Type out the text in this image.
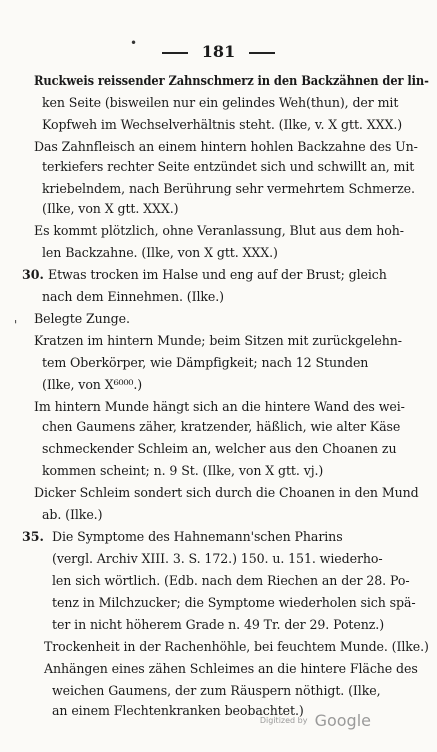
181
•
Ruckweis reissender Zahnschmerz in den Backzähnen der lin-
ken Seite (bisweilen nur ein gelindes Weh(thun), der mit
Kopfweh im Wechselverhältnis steht. (Ilke, v. X gtt. XXX.)
Das Zahnfleisch an einem hintern hohlen Backzahne des Un-
terkiefers rechter Seite entzündet sich und schwillt an, mit
kriebelndem, nach Berührung sehr vermehrtem Schmerze.
(Ilke, von X gtt. XXX.)
Es kommt plötzlich, ohne Veranlassung, Blut aus dem hoh-
len Backzahne. (Ilke, von X gtt. XXX.)
30. Etwas trocken im Halse und eng auf der Brust; gleich
nach dem Einnehmen. (Ilke.)
Belegte Zunge.
'
Kratzen im hintern Munde; beim Sitzen mit zurückgelehn-
tem Oberkörper, wie Dämpfigkeit; nach 12 Stunden
(Ilke, von X⁶⁰⁰⁰.)
Im hintern Munde hängt sich an die hintere Wand des wei-
chen Gaumens zäher, kratzender, häßlich, wie alter Käse
schmeckender Schleim an, welcher aus den Choanen zu
kommen scheint; n. 9 St. (Ilke, von X gtt. vj.)
Dicker Schleim sondert sich durch die Choanen in den Mund
ab. (Ilke.)
35. Die Symptome des Hahnemann'schen Pharins
(vergl. Archiv XIII. 3. S. 172.) 150. u. 151. wiederho-
len sich wörtlich. (Edb. nach dem Riechen an der 28. Po-
tenz in Milchzucker; die Symptome wiederholen sich spä-
ter in nicht höherem Grade n. 49 Tr. der 29. Potenz.)
Trockenheit in der Rachenhöhle, bei feuchtem Munde. (Ilke.)
Anhängen eines zähen Schleimes an die hintere Fläche des
weichen Gaumens, der zum Räuspern nöthigt. (Ilke,
an einem Flechtenkranken beobachtet.)
Digitized by Google
